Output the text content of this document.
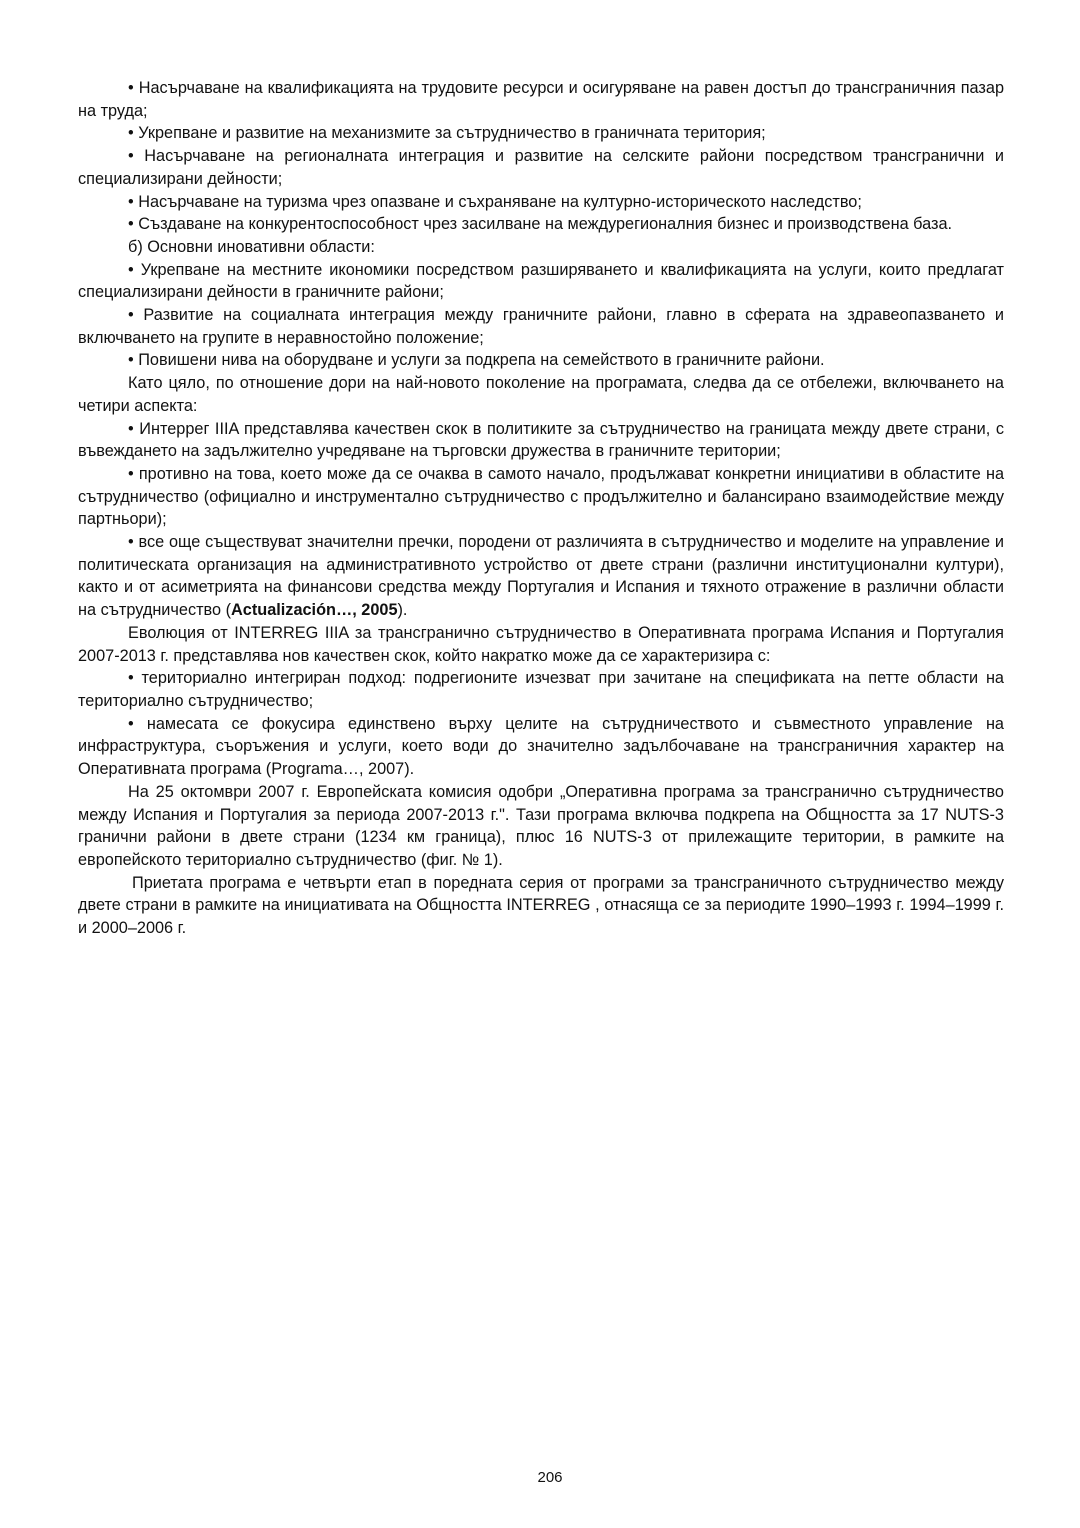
• Насърчаване на квалификацията на трудовите ресурси и осигуряване на равен достъп до трансграничния пазар на труда;

• Укрепване и развитие на механизмите за сътрудничество в граничната територия;

• Насърчаване на регионалната интеграция и развитие на селските райони посредством трансгранични и специализирани дейности;

• Насърчаване на туризма чрез опазване и съхраняване на културно-историческото наследство;

• Създаване на конкурентоспособност чрез засилване на междурегионалния бизнес и производствена база.

б) Основни иновативни области:

• Укрепване на местните икономики посредством разширяването и квалификацията на услуги, които предлагат специализирани дейности в граничните райони;

• Развитие на социалната интеграция между граничните райони, главно в сферата на здравеопазването и включването на групите в неравностойно положение;

• Повишени нива на оборудване и услуги за подкрепа на семейството в граничните райони.

Като цяло, по отношение дори на най-новото поколение на програмата, следва да се отбележи, включването на четири аспекта:

• Интеррег IIIA представлява качествен скок в политиките за сътрудничество на границата между двете страни, с въвеждането на задължително учредяване на търговски дружества в граничните територии;

• противно на това, което може да се очаква в самото начало, продължават конкретни инициативи в областите на сътрудничество (официално и инструментално сътрудничество с продължително и балансирано взаимодействие между партньори);

• все още съществуват значителни пречки, породени от различията в сътрудничество и моделите на управление и политическата организация на административното устройство от двете страни (различни институционални култури), както и от асиметрията на финансови средства между Португалия и Испания и тяхното отражение в различни области на сътрудничество (Actualización…, 2005).

Еволюция от INTERREG IIIA за трансгранично сътрудничество в Оперативната програма Испания и Португалия 2007-2013 г. представлява нов качествен скок, който накратко може да се характеризира с:

• териториално интегриран подход: подрегионите изчезват при зачитане на спецификата на петте области на териториално сътрудничество;

• намесата се фокусира единствено върху целите на сътрудничеството и съвместното управление на инфраструктура, съоръжения и услуги, което води до значително задълбочаване на трансграничния характер на Оперативната програма (Programa…, 2007).

На 25 октомври 2007 г. Европейската комисия одобри „Оперативна програма за трансгранично сътрудничество между Испания и Португалия за периода 2007-2013 г.". Тази програма включва подкрепа на Общността за 17 NUTS-3 гранични райони в двете страни (1234 км граница), плюс 16 NUTS-3 от прилежащите територии, в рамките на европейското териториално сътрудничество (фиг. № 1).

Приетата програма е четвърти етап в поредната серия от програми за трансграничното сътрудничество между двете страни в рамките на инициативата на Общността INTERREG , отнасяща се за периодите 1990–1993 г. 1994–1999 г. и 2000–2006 г.

206
